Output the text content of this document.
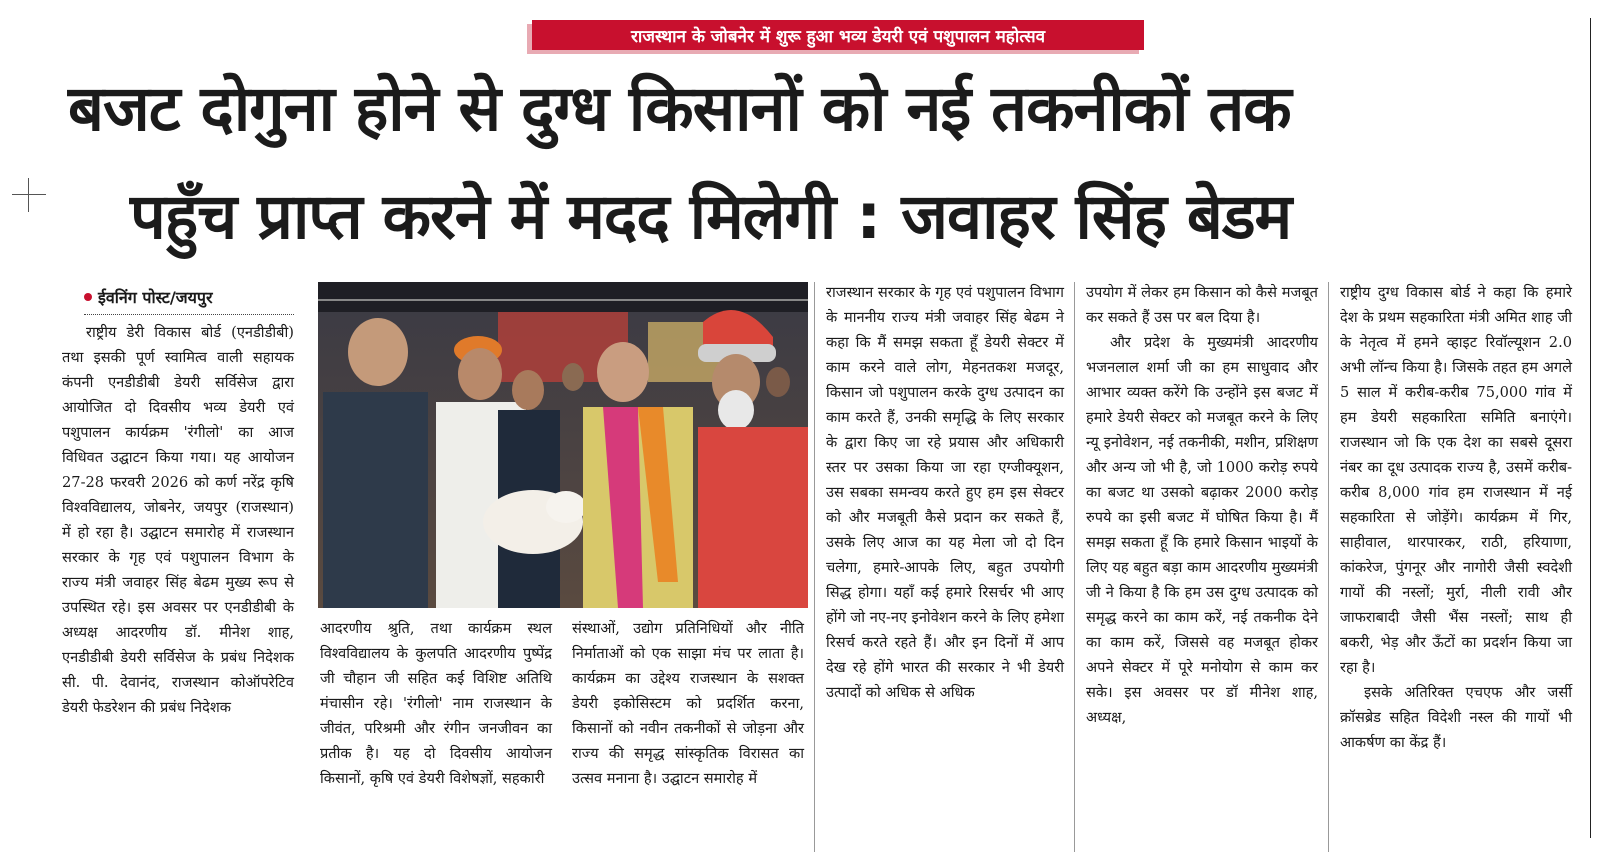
राजस्थान के जोबनेर में शुरू हुआ भव्य डेयरी एवं पशुपालन महोत्सव
बजट दोगुना होने से दुग्ध किसानों को नई तकनीकों तक
पहुँच प्राप्त करने में मदद मिलेगी : जवाहर सिंह बेडम
ईवनिंग पोस्ट/जयपुर

राष्ट्रीय डेरी विकास बोर्ड (एनडीडीबी) तथा इसकी पूर्ण स्वामित्व वाली सहायक कंपनी एनडीडीबी डेयरी सर्विसेज द्वारा आयोजित दो दिवसीय भव्य डेयरी एवं पशुपालन कार्यक्रम 'रंगीलो' का आज विधिवत उद्घाटन किया गया। यह आयोजन 27-28 फरवरी 2026 को कर्ण नरेंद्र कृषि विश्वविद्यालय, जोबनेर, जयपुर (राजस्थान) में हो रहा है। उद्घाटन समारोह में राजस्थान सरकार के गृह एवं पशुपालन विभाग के राज्य मंत्री जवाहर सिंह बेढम मुख्य रूप से उपस्थित रहे। इस अवसर पर एनडीडीबी के अध्यक्ष आदरणीय डॉ. मीनेश शाह, एनडीडीबी डेयरी सर्विसेज के प्रबंध निदेशक सी. पी. देवानंद, राजस्थान कोऑपरेटिव डेयरी फेडरेशन की प्रबंध निदेशक

आदरणीय श्रुति, तथा कार्यक्रम स्थल विश्वविद्यालय के कुलपति आदरणीय पुष्पेंद्र जी चौहान जी सहित कई विशिष्ट अतिथि मंचासीन रहे। 'रंगीलो' नाम राजस्थान के जीवंत, परिश्रमी और रंगीन जनजीवन का प्रतीक है। यह दो दिवसीय आयोजन किसानों, कृषि एवं डेयरी विशेषज्ञों, सहकारी

संस्थाओं, उद्योग प्रतिनिधियों और नीति निर्माताओं को एक साझा मंच पर लाता है। कार्यक्रम का उद्देश्य राजस्थान के सशक्त डेयरी इकोसिस्टम को प्रदर्शित करना, किसानों को नवीन तकनीकों से जोड़ना और राज्य की समृद्ध सांस्कृतिक विरासत का उत्सव मनाना है। उद्घाटन समारोह में

राजस्थान सरकार के गृह एवं पशुपालन विभाग के माननीय राज्य मंत्री जवाहर सिंह बेढम ने कहा कि मैं समझ सकता हूँ डेयरी सेक्टर में काम करने वाले लोग, मेहनतकश मजदूर, किसान जो पशुपालन करके दुग्ध उत्पादन का काम करते हैं, उनकी समृद्धि के लिए सरकार के द्वारा किए जा रहे प्रयास और अधिकारी स्तर पर उसका किया जा रहा एग्जीक्यूशन, उस सबका समन्वय करते हुए हम इस सेक्टर को और मजबूती कैसे प्रदान कर सकते हैं, उसके लिए आज का यह मेला जो दो दिन चलेगा, हमारे-आपके लिए, बहुत उपयोगी सिद्ध होगा। यहाँ कई हमारे रिसर्चर भी आए होंगे जो नए-नए इनोवेशन करने के लिए हमेशा रिसर्च करते रहते हैं। और इन दिनों में आप देख रहे होंगे भारत की सरकार ने भी डेयरी उत्पादों को अधिक से अधिक

उपयोग में लेकर हम किसान को कैसे मजबूत कर सकते हैं उस पर बल दिया है।

और प्रदेश के मुख्यमंत्री आदरणीय भजनलाल शर्मा जी का हम साधुवाद और आभार व्यक्त करेंगे कि उन्होंने इस बजट में हमारे डेयरी सेक्टर को मजबूत करने के लिए न्यू इनोवेशन, नई तकनीकी, मशीन, प्रशिक्षण और अन्य जो भी है, जो 1000 करोड़ रुपये का बजट था उसको बढ़ाकर 2000 करोड़ रुपये का इसी बजट में घोषित किया है। मैं समझ सकता हूँ कि हमारे किसान भाइयों के लिए यह बहुत बड़ा काम आदरणीय मुख्यमंत्री जी ने किया है कि हम उस दुग्ध उत्पादक को समृद्ध करने का काम करें, नई तकनीक देने का काम करें, जिससे वह मजबूत होकर अपने सेक्टर में पूरे मनोयोग से काम कर सके। इस अवसर पर डॉ मीनेश शाह, अध्यक्ष,

राष्ट्रीय दुग्ध विकास बोर्ड ने कहा कि हमारे देश के प्रथम सहकारिता मंत्री अमित शाह जी के नेतृत्व में हमने व्हाइट रिवॉल्यूशन 2.0 अभी लॉन्च किया है। जिसके तहत हम अगले 5 साल में करीब-करीब 75,000 गांव में हम डेयरी सहकारिता समिति बनाएंगे। राजस्थान जो कि एक देश का सबसे दूसरा नंबर का दूध उत्पादक राज्य है, उसमें करीब-करीब 8,000 गांव हम राजस्थान में नई सहकारिता से जोड़ेंगे। कार्यक्रम में गिर, साहीवाल, थारपारकर, राठी, हरियाणा, कांकरेज, पुंगनूर और नागोरी जैसी स्वदेशी गायों की नस्लों; मुर्रा, नीली रावी और जाफराबादी जैसी भैंस नस्लों; साथ ही बकरी, भेड़ और ऊँटों का प्रदर्शन किया जा रहा है।

इसके अतिरिक्त एचएफ और जर्सी क्रॉसब्रेड सहित विदेशी नस्ल की गायों भी आकर्षण का केंद्र हैं।
